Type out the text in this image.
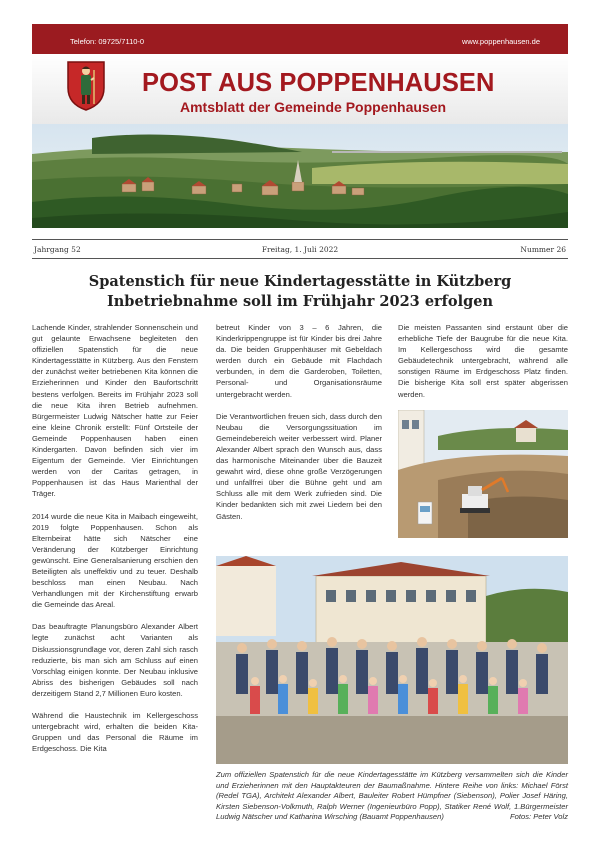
Telefon: 09725/7110-0	www.poppenhausen.de
POST AUS POPPENHAUSEN
Amtsblatt der Gemeinde Poppenhausen
Freitag, 1. Juli 2022
Jahrgang 52	Nummer 26
Spatenstich für neue Kindertagesstätte in Kützberg
Inbetriebnahme soll im Frühjahr 2023 erfolgen

Lachende Kinder, strahlender Sonnenschein und gut gelaunte Erwachsene begleiteten den offiziellen Spatenstich für die neue Kindertagesstätte in Kützberg. Aus den Fenstern der zunächst weiter betriebenen Kita können die Erzieherinnen und Kinder den Baufortschritt bestens verfolgen. Bereits im Frühjahr 2023 soll die neue Kita ihren Betrieb aufnehmen. Bürgermeister Ludwig Nätscher hatte zur Feier eine kleine Chronik erstellt: Fünf Ortsteile der Gemeinde Poppenhausen haben einen Kindergarten. Davon befinden sich vier im Eigentum der Gemeinde. Vier Einrichtungen werden von der Caritas getragen, in Poppenhausen ist das Haus Marienthal der Träger.

2014 wurde die neue Kita in Maibach eingeweiht, 2019 folgte Poppenhausen. Schon als Elternbeirat hätte sich Nätscher eine Veränderung der Kützberger Einrichtung gewünscht. Eine Generalsanierung erschien den Beteiligten als uneffektiv und zu teuer. Deshalb beschloss man einen Neubau. Nach Verhandlungen mit der Kirchenstiftung erwarb die Gemeinde das Areal.

Das beauftragte Planungsbüro Alexander Albert legte zunächst acht Varianten als Diskussionsgrundlage vor, deren Zahl sich rasch reduzierte, bis man sich am Schluss auf einen Vorschlag einigen konnte. Der Neubau inklusive Abriss des bisherigen Gebäudes soll nach derzeitigem Stand 2,7 Millionen Euro kosten.

Während die Haustechnik im Kellergeschoss untergebracht wird, erhalten die beiden Kita-Gruppen und das Personal die Räume im Erdgeschoss. Die Kita

betreut Kinder von 3 – 6 Jahren, die Kinderkrippengruppe ist für Kinder bis drei Jahre da. Die beiden Gruppenhäuser mit Gebeldach werden durch ein Gebäude mit Flachdach verbunden, in dem die Garderoben, Toiletten, Personal- und Organisationsräume untergebracht werden.

Die Verantwortlichen freuen sich, dass durch den Neubau die Versorgungssituation im Gemeindebereich weiter verbessert wird. Planer Alexander Albert sprach den Wunsch aus, dass das harmonische Miteinander über die Bauzeit gewahrt wird, diese ohne große Verzögerungen und unfallfrei über die Bühne geht und am Schluss alle mit dem Werk zufrieden sind. Die Kinder bedankten sich mit zwei Liedern bei den Gästen.

Die meisten Passanten sind erstaunt über die erhebliche Tiefe der Baugrube für die neue Kita. Im Kellergeschoss wird die gesamte Gebäudetechnik untergebracht, während alle sonstigen Räume im Erdgeschoss Platz finden. Die bisherige Kita soll erst später abgerissen werden.

Zum offiziellen Spatenstich für die neue Kindertagesstätte im Kützberg versammelten sich die Kinder und Erzieherinnen mit den Hauptakteuren der Baumaßnahme. Hintere Reihe von links: Michael Först (Redel TGA), Architekt Alexander Albert, Bauleiter Robert Hümpfner (Siebenson), Polier Josef Häring, Kirsten Siebenson-Volkmuth, Ralph Werner (Ingenieurbüro Popp), Statiker René Wolf, 1.Bürgermeister Ludwig Nätscher und Katharina Wirsching (Bauamt Poppenhausen)	Fotos: Peter Volz
